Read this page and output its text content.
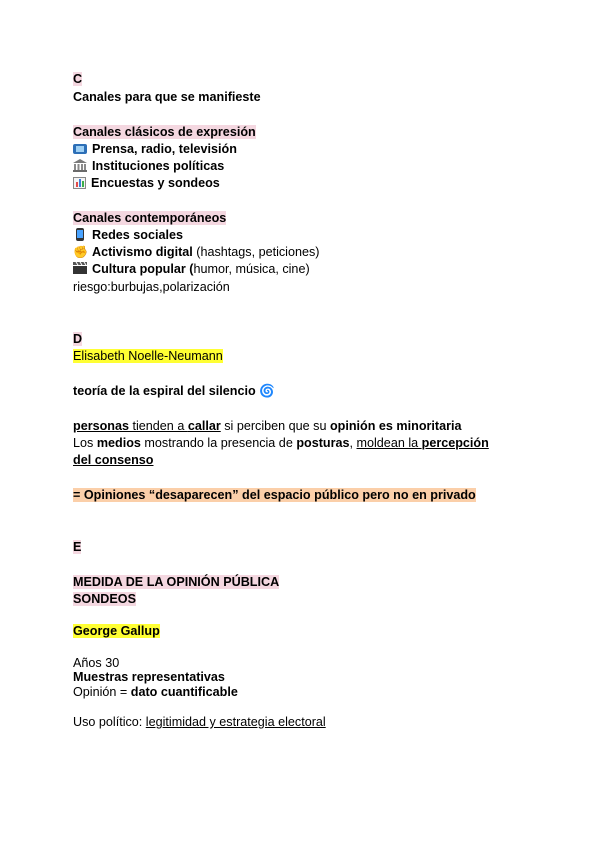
C
Canales para que se manifieste
Canales clásicos de expresión
Prensa, radio, televisión
Instituciones políticas
Encuestas y sondeos
Canales contemporáneos
Redes sociales
✊ Activismo digital (hashtags, peticiones)
Cultura popular (humor, música, cine)
riesgo:burbujas,polarización
D
Elisabeth Noelle-Neumann
teoría de la espiral del silencio 🌀
personas tienden a callar si perciben que su opinión es minoritaria
Los medios mostrando la presencia de posturas, moldean la percepción
del consenso
= Opiniones “desaparecen” del espacio público pero no en privado
E
MEDIDA DE LA OPINIÓN PÚBLICA
SONDEOS
George Gallup
Años 30
Muestras representativas
Opinión = dato cuantificable
Uso político: legitimidad y estrategia electoral
